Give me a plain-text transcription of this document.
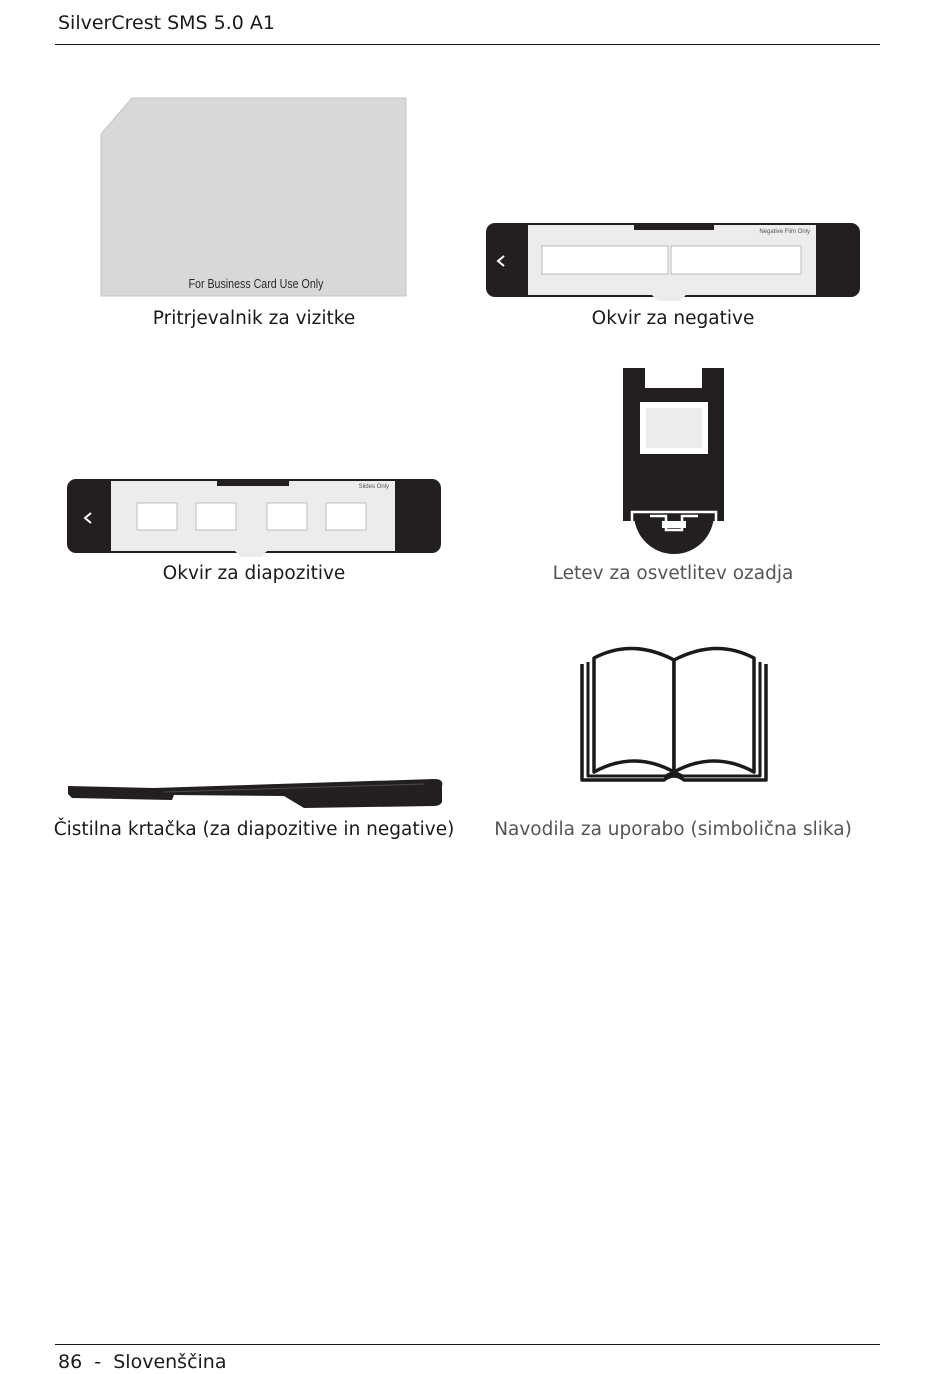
SilverCrest SMS 5.0 A1
For Business Card Use Only
Pritrjevalnik za vizitke
Negative Film Only
Okvir za negative
Slides Only
Okvir za diapozitive	Letev za osvetlitev ozadja
Čistilna krtačka (za diapozitive in negative) Navodila za uporabo (simbolična slika)
86 - Slovenščina
